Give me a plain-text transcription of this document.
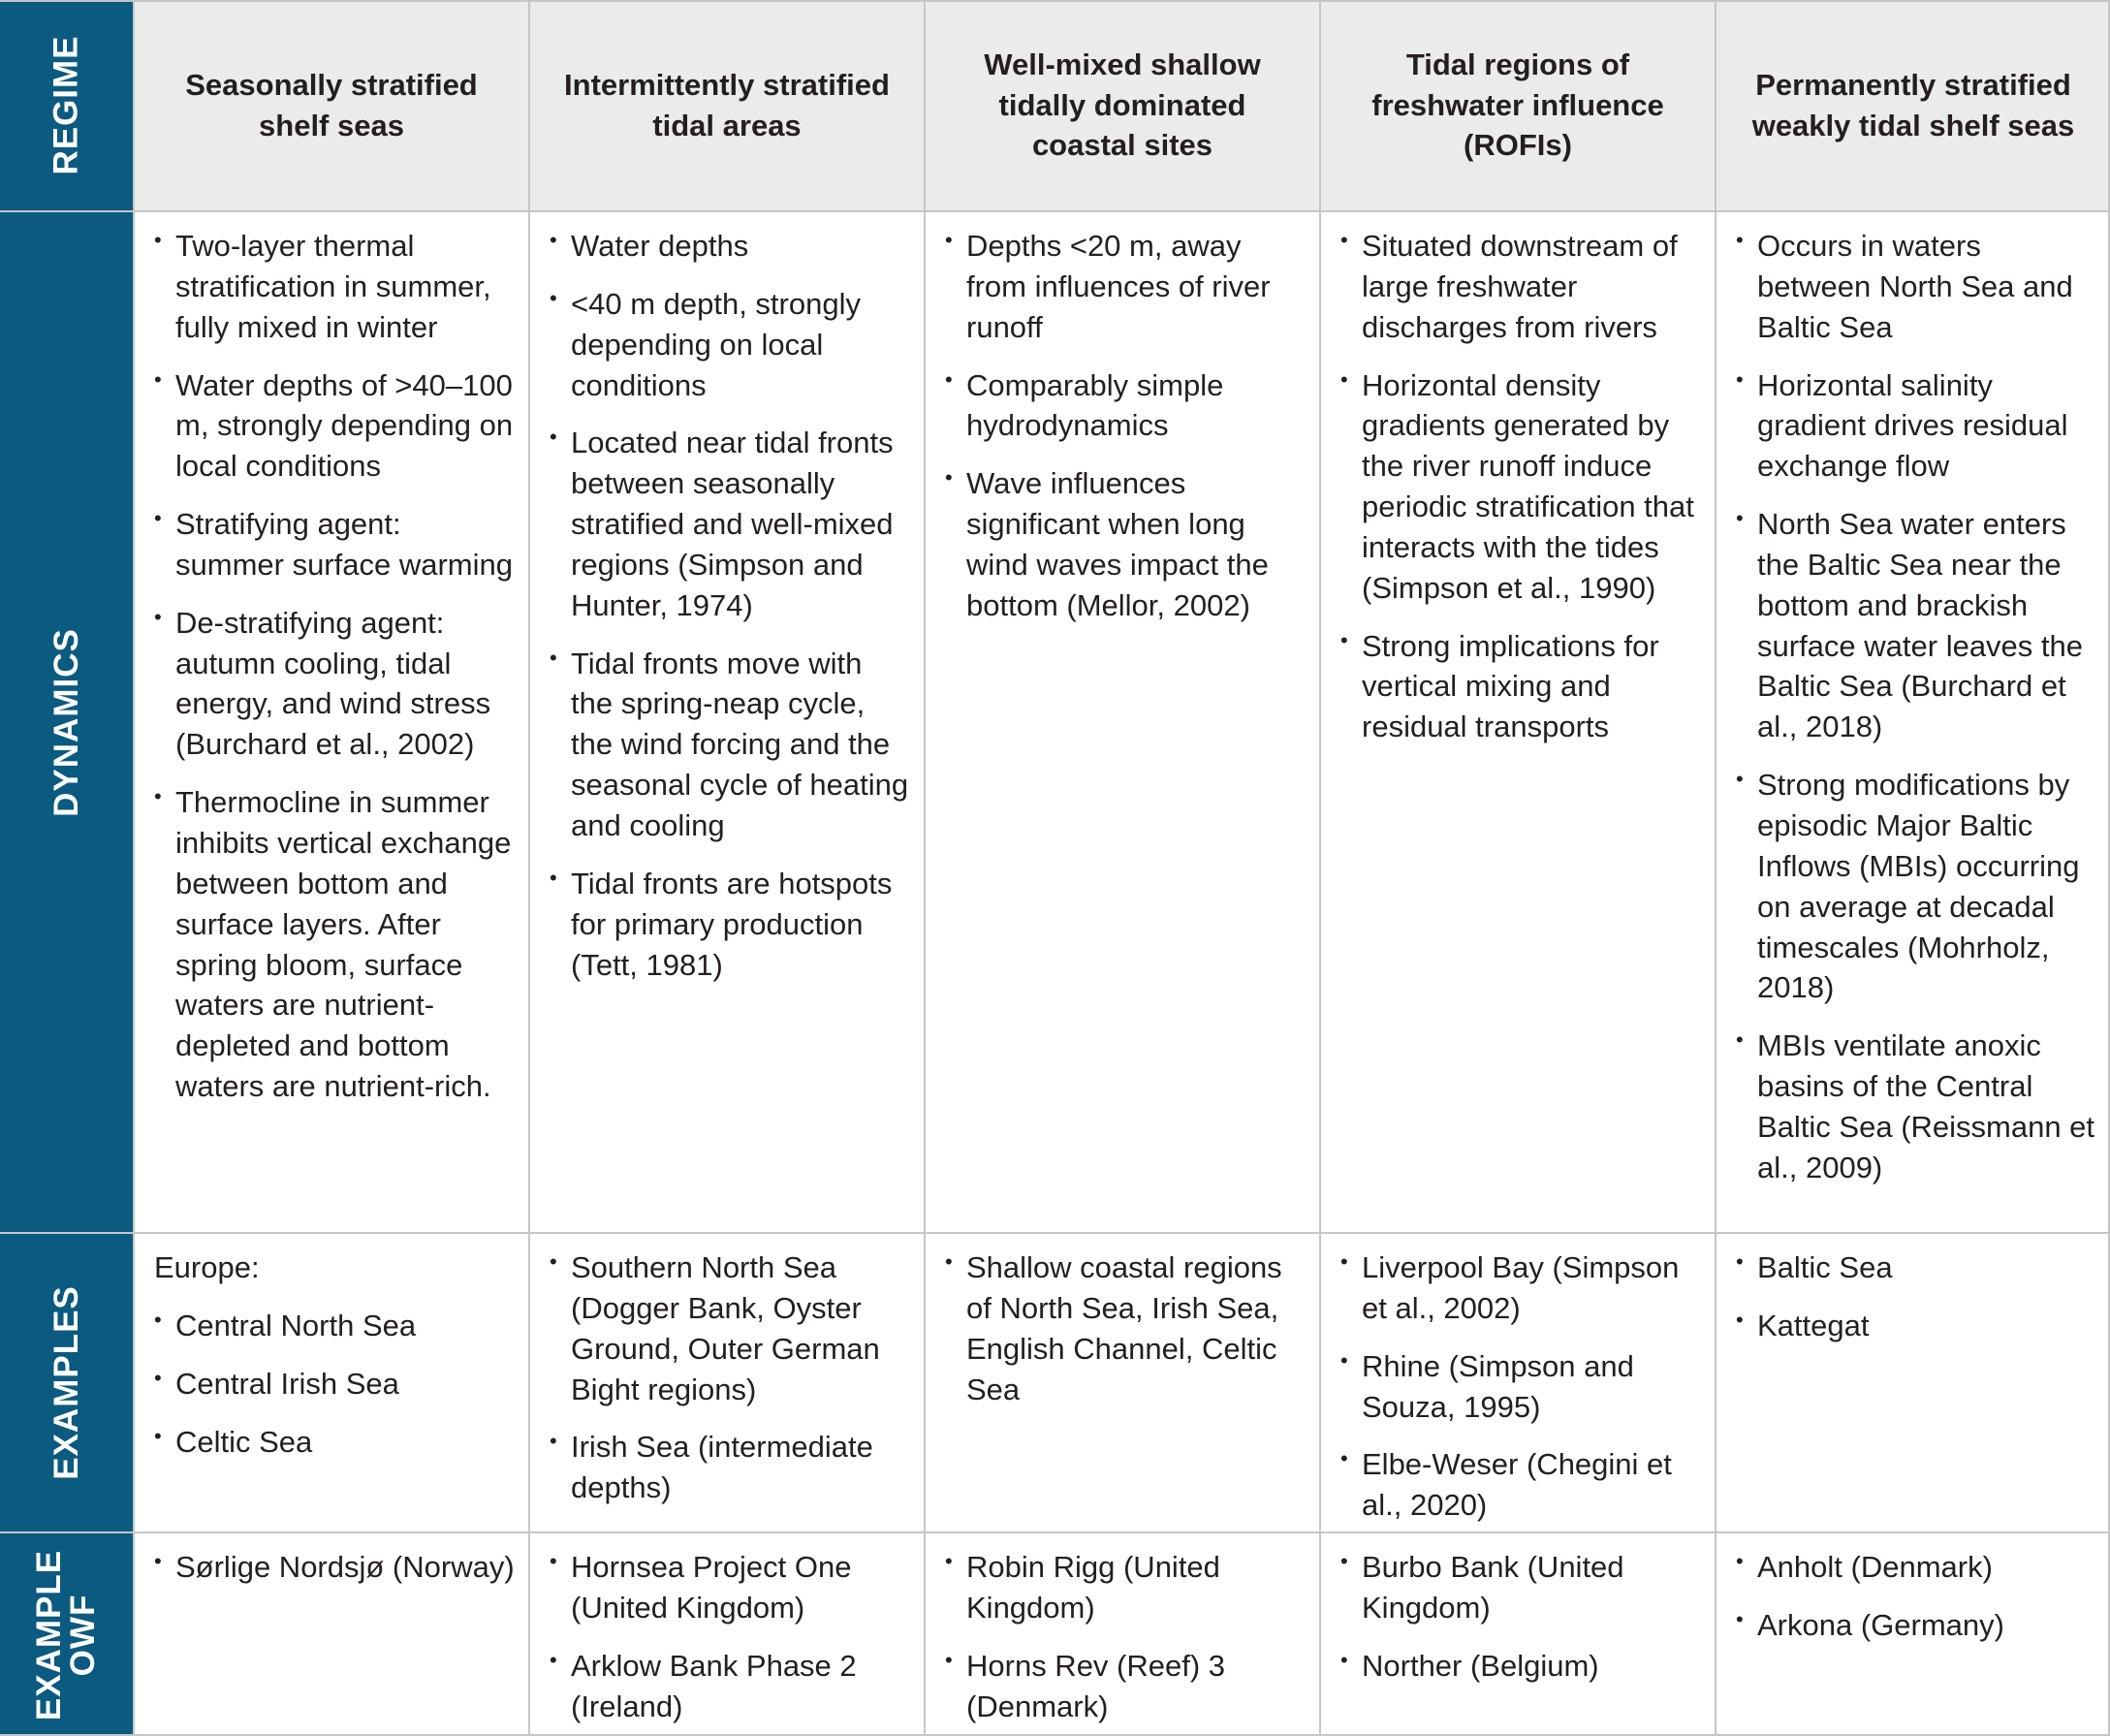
REGIME
DYNAMICS
EXAMPLES
EXAMPLE
OWF
Seasonally stratified shelf seas
Intermittently stratified tidal areas
Well-mixed shallow tidally dominated coastal sites
Tidal regions of freshwater influence (ROFIs)
Permanently stratified weakly tidal shelf seas
• Two-layer thermal stratification in summer, fully mixed in winter
• Water depths of >40–100 m, strongly depending on local conditions
• Stratifying agent: summer surface warming
• De-stratifying agent: autumn cooling, tidal energy, and wind stress (Burchard et al., 2002)
• Thermocline in summer inhibits vertical exchange between bottom and surface layers. After spring bloom, surface waters are nutrient-depleted and bottom waters are nutrient-rich.
• Water depths
• <40 m depth, strongly depending on local conditions
• Located near tidal fronts between seasonally stratified and well-mixed regions (Simpson and Hunter, 1974)
• Tidal fronts move with the spring-neap cycle, the wind forcing and the seasonal cycle of heating and cooling
• Tidal fronts are hotspots for primary production (Tett, 1981)
• Depths <20 m, away from influences of river runoff
• Comparably simple hydrodynamics
• Wave influences significant when long wind waves impact the bottom (Mellor, 2002)
• Situated downstream of large freshwater discharges from rivers
• Horizontal density gradients generated by the river runoff induce periodic stratification that interacts with the tides (Simpson et al., 1990)
• Strong implications for vertical mixing and residual transports
• Occurs in waters between North Sea and Baltic Sea
• Horizontal salinity gradient drives residual exchange flow
• North Sea water enters the Baltic Sea near the bottom and brackish surface water leaves the Baltic Sea (Burchard et al., 2018)
• Strong modifications by episodic Major Baltic Inflows (MBIs) occurring on average at decadal timescales (Mohrholz, 2018)
• MBIs ventilate anoxic basins of the Central Baltic Sea (Reissmann et al., 2009)
Europe:
• Central North Sea
• Central Irish Sea
• Celtic Sea
• Southern North Sea (Dogger Bank, Oyster Ground, Outer German Bight regions)
• Irish Sea (intermediate depths)
• Shallow coastal regions of North Sea, Irish Sea, English Channel, Celtic Sea
• Liverpool Bay (Simpson et al., 2002)
• Rhine (Simpson and Souza, 1995)
• Elbe-Weser (Chegini et al., 2020)
• Baltic Sea
• Kattegat
• Sørlige Nordsjø (Norway)
•	Hornsea Project One (United Kingdom)
• Arklow Bank Phase 2 (Ireland)
• Robin Rigg (United Kingdom)
• Horns Rev (Reef) 3 (Denmark)
• Burbo Bank (United Kingdom)
• Norther (Belgium)
• Anholt (Denmark)
• Arkona (Germany)
